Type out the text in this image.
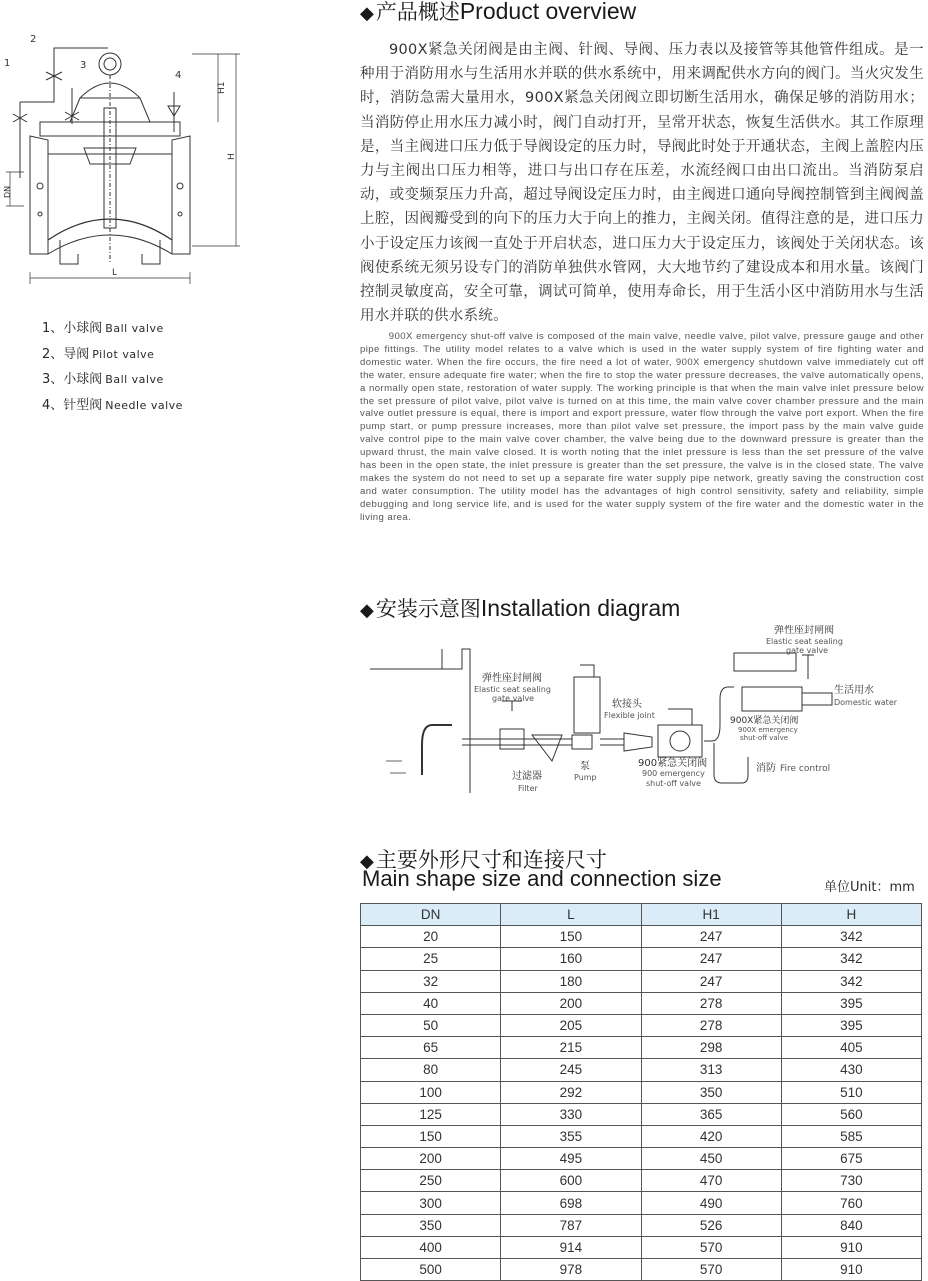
1
2
3
4
H1
H
DN
L
1、小球阀 Ball valve
2、导阀 Pilot valve
3、小球阀 Ball valve
4、针型阀 Needle valve
◆产品概述Product overview
900X紧急关闭阀是由主阀、针阀、导阀、压力表以及接管等其他管件组成。是一种用于消防用水与生活用水并联的供水系统中，用来调配供水方向的阀门。当火灾发生时，消防急需大量用水，900X紧急关闭阀立即切断生活用水，确保足够的消防用水；当消防停止用水压力减小时，阀门自动打开，呈常开状态，恢复生活供水。其工作原理是，当主阀进口压力低于导阀设定的压力时，导阀此时处于开通状态，主阀上盖腔内压力与主阀出口压力相等，进口与出口存在压差，水流经阀口由出口流出。当消防泵启动，或变频泵压力升高，超过导阀设定压力时，由主阀进口通向导阀控制管到主阀阀盖上腔，因阀瓣受到的向下的压力大于向上的推力，主阀关闭。值得注意的是，进口压力小于设定压力该阀一直处于开启状态，进口压力大于设定压力，该阀处于关闭状态。该阀使系统无须另设专门的消防单独供水管网，大大地节约了建设成本和用水量。该阀门控制灵敏度高，安全可靠，调试可简单，使用寿命长，用于生活小区中消防用水与生活用水并联的供水系统。
900X emergency shut-off valve is composed of the main valve, needle valve, pilot valve, pressure gauge and other pipe fittings. The utility model relates to a valve which is used in the water supply system of fire fighting water and domestic water. When the fire occurs, the fire need a lot of water, 900X emergency shutdown valve immediately cut off the water, ensure adequate fire water; when the fire to stop the water pressure decreases, the valve automatically opens, a normally open state, restoration of water supply. The working principle is that when the main valve inlet pressure below the set pressure of pilot valve, pilot valve is turned on at this time, the main valve cover chamber pressure and the main valve outlet pressure is equal, there is import and export pressure, water flow through the valve port export. When the fire pump start, or pump pressure increases, more than pilot valve set pressure, the import pass by the main valve guide valve control pipe to the main valve cover chamber, the valve being due to the downward pressure is greater than the upward thrust, the main valve closed. It is worth noting that the inlet pressure is less than the set pressure of the valve has been in the open state, the inlet pressure is greater than the set pressure, the valve is in the closed state. The valve makes the system do not need to set up a separate fire water supply pipe network, greatly saving the construction cost and water consumption. The utility model has the advantages of high control sensitivity, safety and reliability, simple debugging and long service life, and is used for the water supply system of the fire water and the domestic water in the living area.
◆安装示意图Installation diagram
弹性座封闸阀
Elastic seat sealing
gate valve
过滤器
Filter
泵
Pump
软接头
Flexible joint
900紧急关闭阀
900 emergency
shut-off valve
弹性座封闸阀
Elastic seat sealing
gate valve
生活用水
Domestic water
900X紧急关闭阀
900X emergency
shut-off valve
消防 Fire control
◆主要外形尺寸和连接尺寸
Main shape size and connection size	单位Unit：mm
DN	L	H1	H
20	150	247	342
25	160	247	342
32	180	247	342
40	200	278	395
50	205	278	395
65	215	298	405
80	245	313	430
100	292	350	510
125	330	365	560
150	355	420	585
200	495	450	675
250	600	470	730
300	698	490	760
350	787	526	840
400	914	570	910
500	978	570	910
